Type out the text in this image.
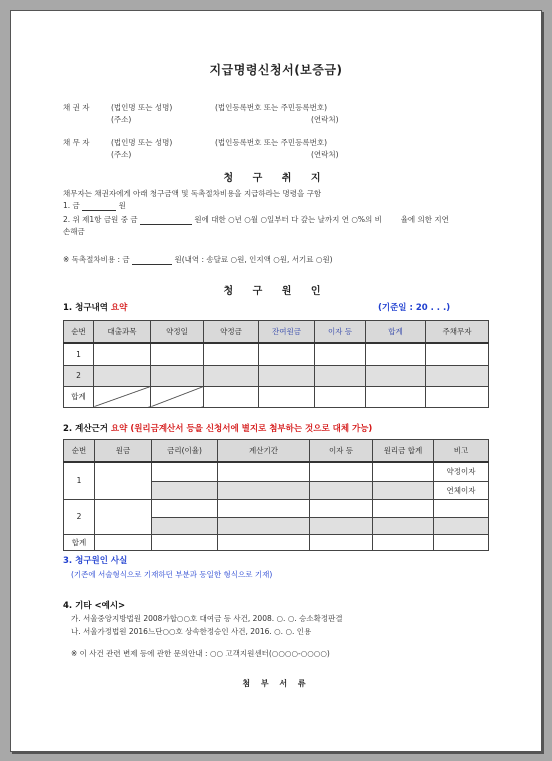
지급명령신청서(보증금)
채 권 자	(법인명 또는 성명)	(법인등록번호 또는 주민등록번호)
(주소)	(연락처)
채 무 자	(법인명 또는 성명)	(법인등록번호 또는 주민등록번호)
(주소)	(연락처)
청 구 취 지
채무자는 채권자에게 아래 청구금액 및 독촉절차비용을 지급하라는 명령을 구함
1. 금	원
2. 위 제1항 금원 중 금	원에 대한 ○년 ○월 ○일부터 다 갚는 날까지 연 ○%의 비	율에 의한 지연
손해금
※ 독촉절차비용 : 금	원(내역 : 송달료 ○원, 인지액 ○원, 서기료 ○원)
청 구 원 인
1. 청구내역 요약	(기준일 : 20 . . .)
순번	대출과목	약정일	약정금	잔여원금	이자 등	합계	주채무자
1							
2							
합계							
2. 계산근거 요약 (원리금계산서 등을 신청서에 별지로 첨부하는 것으로 대체 가능)
순번	원금	금리(이율)	계산기간	이자 등	원리금 합계	비고
1						약정이자
						연체이자
2						

합계						
3. 청구원인 사실
(기존에 서술형식으로 기재하던 부분과 동일한 형식으로 기재)
4. 기타 <예시>
가. 서울중앙지방법원 2008가합○○호 대여금 등 사건, 2008. ○. ○. 승소확정판결
나. 서울가정법원 2016느단○○호 상속한정승인 사건, 2016. ○. ○. 인용
※ 이 사건 관련 변제 등에 관한 문의안내 : ○○ 고객지원센터(○○○○-○○○○)
첨 부 서 류
